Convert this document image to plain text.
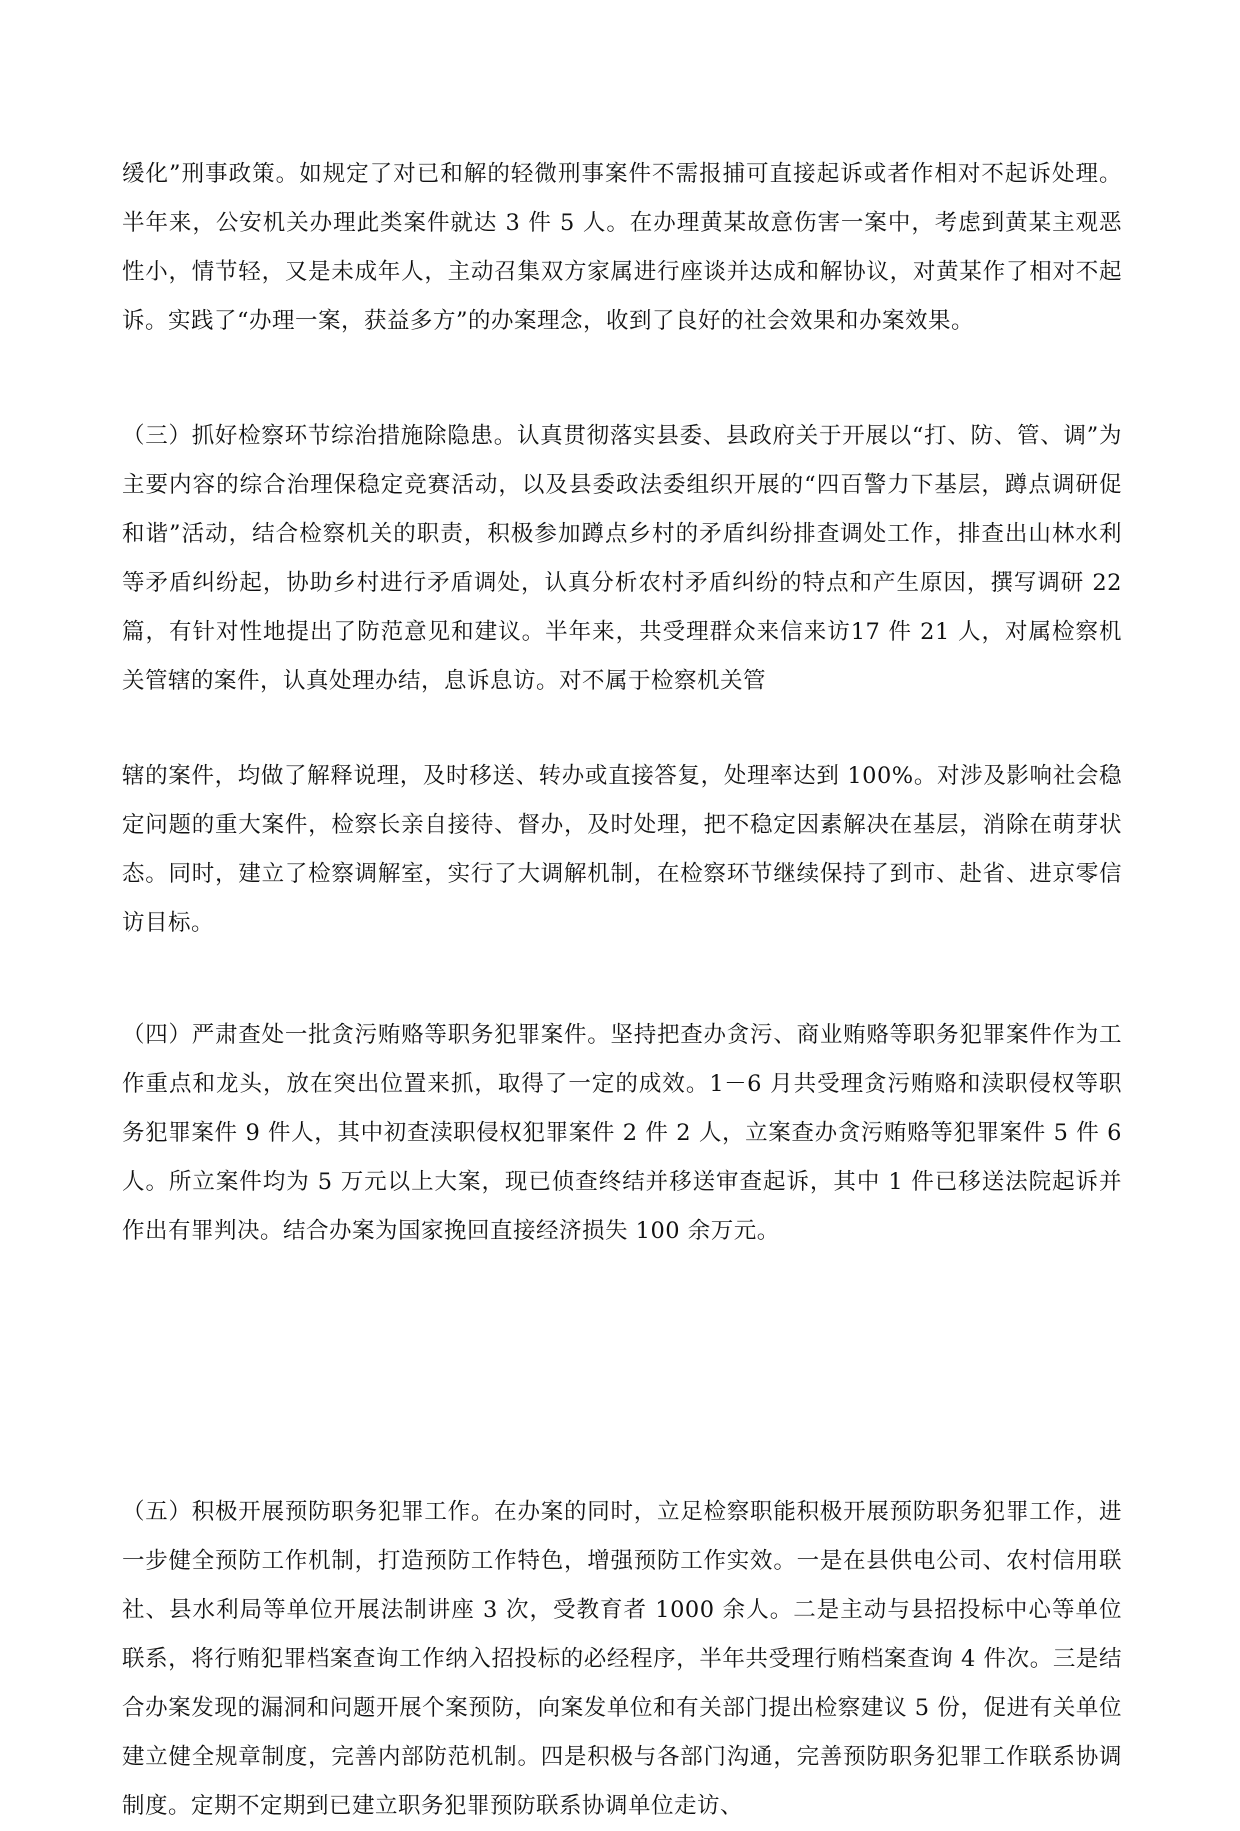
缓化”刑事政策。如规定了对已和解的轻微刑事案件不需报捕可直接起诉或者作相对不起诉处理。半年来，公安机关办理此类案件就达 3 件 5 人。在办理黄某故意伤害一案中，考虑到黄某主观恶性小，情节轻，又是未成年人，主动召集双方家属进行座谈并达成和解协议，对黄某作了相对不起诉。实践了“办理一案，获益多方”的办案理念，收到了良好的社会效果和办案效果。

（三）抓好检察环节综治措施除隐患。认真贯彻落实县委、县政府关于开展以“打、防、管、调”为主要内容的综合治理保稳定竞赛活动，以及县委政法委组织开展的“四百警力下基层，蹲点调研促和谐”活动，结合检察机关的职责，积极参加蹲点乡村的矛盾纠纷排查调处工作，排查出山林水利等矛盾纠纷起，协助乡村进行矛盾调处，认真分析农村矛盾纠纷的特点和产生原因，撰写调研 22 篇，有针对性地提出了防范意见和建议。半年来，共受理群众来信来访17 件 21 人，对属检察机关管辖的案件，认真处理办结，息诉息访。对不属于检察机关管

辖的案件，均做了解释说理，及时移送、转办或直接答复，处理率达到 100%。对涉及影响社会稳定问题的重大案件，检察长亲自接待、督办，及时处理，把不稳定因素解决在基层，消除在萌芽状态。同时，建立了检察调解室，实行了大调解机制，在检察环节继续保持了到市、赴省、进京零信访目标。

（四）严肃查处一批贪污贿赂等职务犯罪案件。坚持把查办贪污、商业贿赂等职务犯罪案件作为工作重点和龙头，放在突出位置来抓，取得了一定的成效。1－6 月共受理贪污贿赂和渎职侵权等职务犯罪案件 9 件人，其中初查渎职侵权犯罪案件 2 件 2 人，立案查办贪污贿赂等犯罪案件 5 件 6 人。所立案件均为 5 万元以上大案，现已侦查终结并移送审查起诉，其中 1 件已移送法院起诉并作出有罪判决。结合办案为国家挽回直接经济损失 100 余万元。

（五）积极开展预防职务犯罪工作。在办案的同时，立足检察职能积极开展预防职务犯罪工作，进一步健全预防工作机制，打造预防工作特色，增强预防工作实效。一是在县供电公司、农村信用联社、县水利局等单位开展法制讲座 3 次，受教育者 1000 余人。二是主动与县招投标中心等单位联系，将行贿犯罪档案查询工作纳入招投标的必经程序，半年共受理行贿档案查询 4 件次。三是结合办案发现的漏洞和问题开展个案预防，向案发单位和有关部门提出检察建议 5 份，促进有关单位建立健全规章制度，完善内部防范机制。四是积极与各部门沟通，完善预防职务犯罪工作联系协调制度。定期不定期到已建立职务犯罪预防联系协调单位走访、
